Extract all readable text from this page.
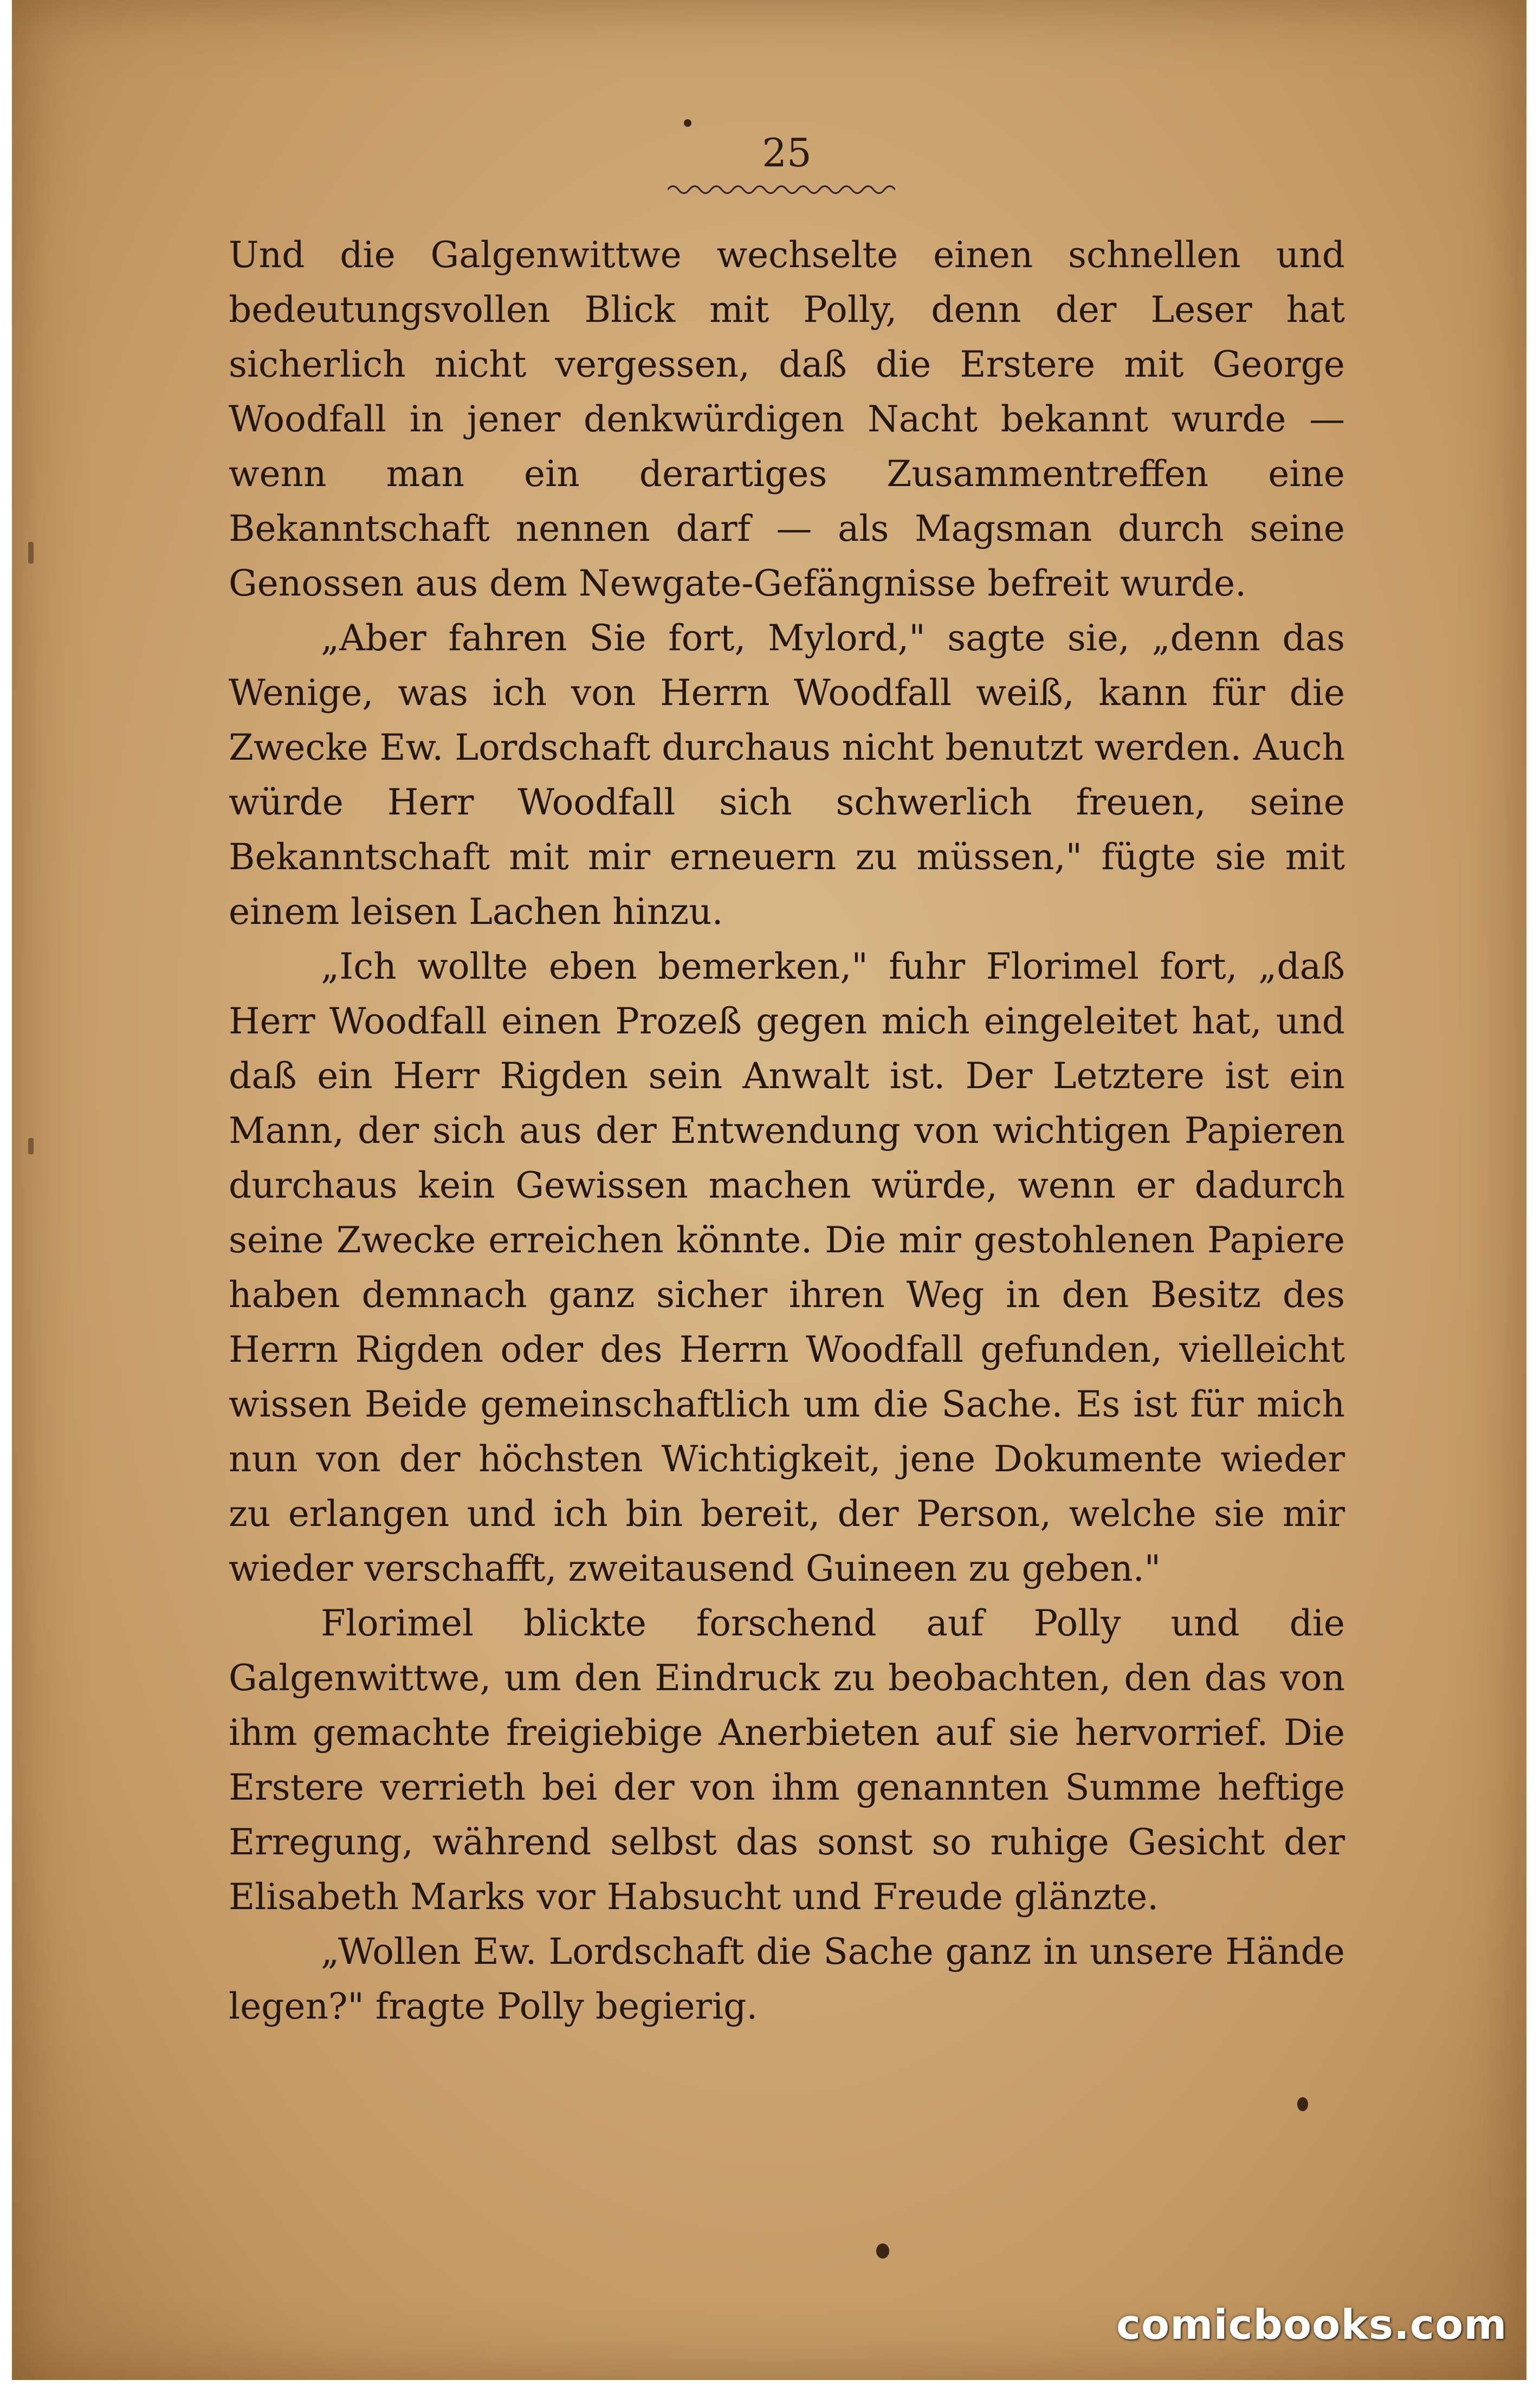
25

Und die Galgenwittwe wechselte einen schnellen und bedeutungsvollen Blick mit Polly, denn der Leser hat sicherlich nicht vergessen, daß die Erstere mit George Woodfall in jener denkwürdigen Nacht bekannt wurde — wenn man ein derartiges Zusammentreffen eine Bekanntschaft nennen darf — als Magsman durch seine Genossen aus dem Newgate-Gefängnisse befreit wurde.

„Aber fahren Sie fort, Mylord," sagte sie, „denn das Wenige, was ich von Herrn Woodfall weiß, kann für die Zwecke Ew. Lordschaft durchaus nicht benutzt werden. Auch würde Herr Woodfall sich schwerlich freuen, seine Bekanntschaft mit mir erneuern zu müssen," fügte sie mit einem leisen Lachen hinzu.

„Ich wollte eben bemerken," fuhr Florimel fort, „daß Herr Woodfall einen Prozeß gegen mich eingeleitet hat, und daß ein Herr Rigden sein Anwalt ist. Der Letztere ist ein Mann, der sich aus der Entwendung von wichtigen Papieren durchaus kein Gewissen machen würde, wenn er dadurch seine Zwecke erreichen könnte. Die mir gestohlenen Papiere haben demnach ganz sicher ihren Weg in den Besitz des Herrn Rigden oder des Herrn Woodfall gefunden, vielleicht wissen Beide gemeinschaftlich um die Sache. Es ist für mich nun von der höchsten Wichtigkeit, jene Dokumente wieder zu erlangen und ich bin bereit, der Person, welche sie mir wieder verschafft, zweitausend Guineen zu geben."

Florimel blickte forschend auf Polly und die Galgenwittwe, um den Eindruck zu beobachten, den das von ihm gemachte freigiebige Anerbieten auf sie hervorrief. Die Erstere verrieth bei der von ihm genannten Summe heftige Erregung, während selbst das sonst so ruhige Gesicht der Elisabeth Marks vor Habsucht und Freude glänzte.

„Wollen Ew. Lordschaft die Sache ganz in unsere Hände legen?" fragte Polly begierig.

comicbooks.com
